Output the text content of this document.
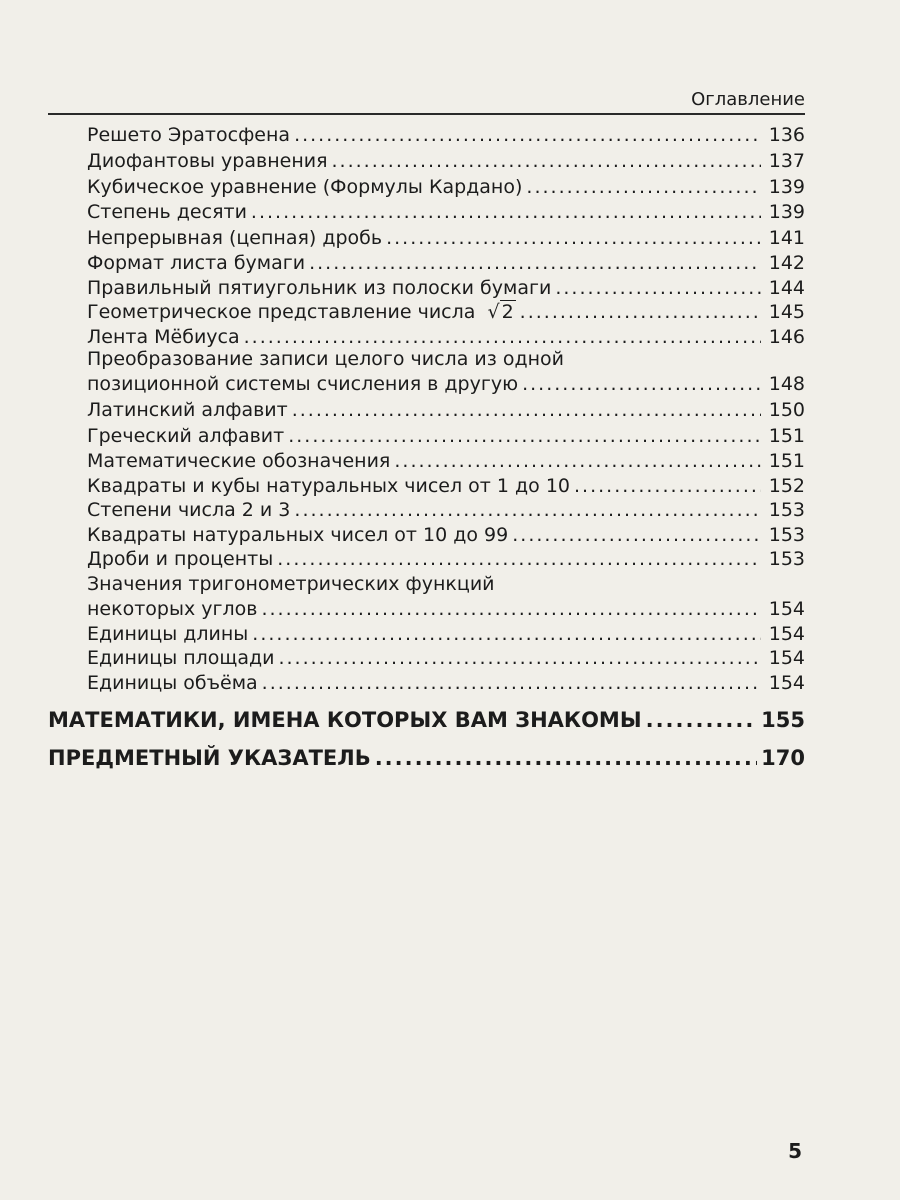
Оглавление
Решето Эратосфена .....	136
Диофантовы уравнения .....	137
Кубическое уравнение (Формулы Кардано) .....	139
Степень десяти .....	139
Непрерывная (цепная) дробь .....	141
Формат листа бумаги .....	142
Правильный пятиугольник из полоски бумаги .....	144
Геометрическое представление числа √ 2 .....	145
Лента Мёбиуса .....	146
Преобразование записи целого числа из одной
позиционной системы счисления в другую .....	148
Латинский алфавит .....	150
Греческий алфавит .....	151
Математические обозначения .....	151
Квадраты и кубы натуральных чисел от 1 до 10 .....	152
Степени числа 2 и 3 .....	153
Квадраты натуральных чисел от 10 до 99 .....	153
Дроби и проценты .....	153
Значения тригонометрических функций
некоторых углов .....	154
Единицы длины .....	154
Единицы площади .....	154
Единицы объёма .....	154
МАТЕМАТИКИ, ИМЕНА КОТОРЫХ ВАМ ЗНАКОМЫ .....	155
ПРЕДМЕТНЫЙ УКАЗАТЕЛЬ .....	170
5
